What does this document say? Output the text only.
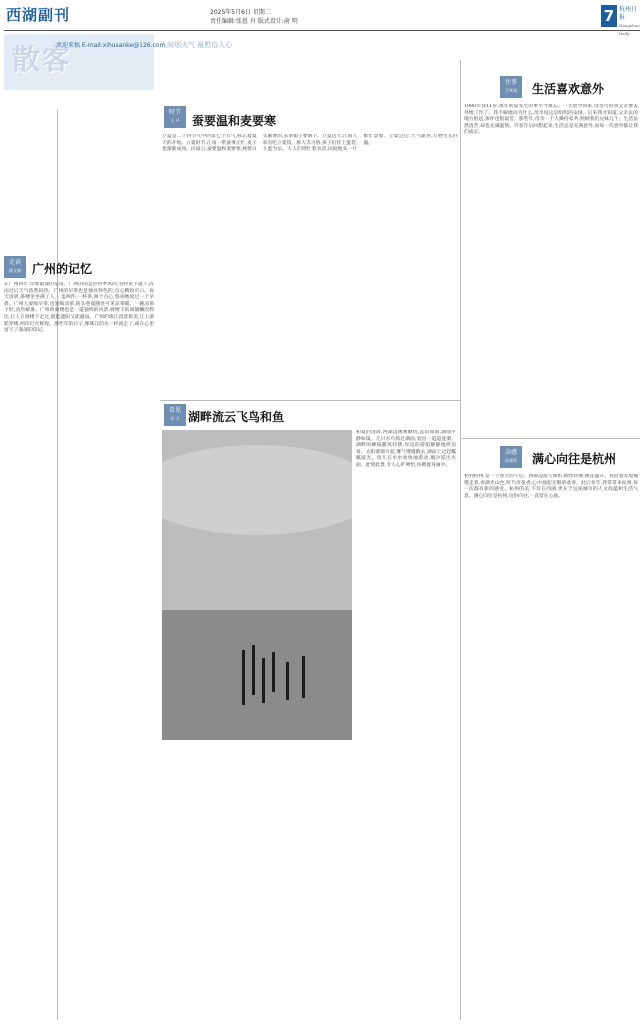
西湖副刊	2025年5月6日 星期二
责任编辑:张恩 舟 版式设计:俞 明	7 杭州日报
Hangzhou Daily
散客
欢迎来稿 E-mail:xihusanke@126.com
人间烟火气 最慰俗人心
走读
顾文娟 广州的记忆
在广州四年,印象最深的是雨。广州的雨是热带季风的,有时说下就下,阵雨过后天气依然闷热。广州的早茶也是独具特色的,点心精致可口。每天清晨,茶楼里坐满了人,一盅两件,一杯茶,两个点心,悠闲地度过一个早晨。广州人爱喝早茶,也爱喝凉茶,街头巷尾随处可见凉茶铺。一碗凉茶下肚,清热解暑。广州的骑楼也是一道独特的风景,骑楼下的商铺鳞次栉比,行人在骑楼下走过,既能遮阳又能避雨。广州的珠江夜景很美,江上游船穿梭,两岸灯火辉煌。那些年的日子,像珠江的水一样流走了,却在心里留下了深深的印记。
时节
王 平	蚕要温和麦要寒
立夏是二十四节气中的第七个节气,标志着夏天的开始。立夏时节,江南一带蚕事正忙,麦子也渐渐成熟。民谚云:蚕要温和麦要寒,秧要日头麻要雨,采茶娘子要晴干。立夏这天,江南人家有吃立夏饭、称人等习俗,孩子们挂上蛋袋,斗蛋为乐。大人们则忙着农活,田间地头一片繁忙景象。立夏过后,天气渐热,万物生长旺盛。
看见
孙 力 湖畔流云飞鸟和鱼
初夏的清晨,西湖边薄雾缭绕,远山如黛,湖面平静如镜。几只水鸟掠过湖面,划出一道道涟漪。湖畔的柳枝随风轻摆,岸边的游船静静地停泊着。太阳渐渐升起,雾气慢慢散去,湖面上泛起粼粼波光。鱼儿在水中欢快地游动,偶尔跃出水面。此情此景,令人心旷神怡,仿佛置身画中。
往事
王笑英	生活喜欢意外
1980年我11岁,那年初夏发生的事至今难忘。一天放学回家,母亲告诉我父亲要去外地工作了。我不解地问为什么,母亲说这是组织的安排。后来我才知道,父亲去的地方很远,条件也很艰苦。那些年,母亲一个人操持家务,照顾我们兄妹几个。生活虽然清苦,却也充满温情。许多年后回想起来,生活总是充满意外,而每一次意外都让我们成长。
杂感
孙建军	满心向往是杭州
初到杭州,是一个春天的午后。西湖边游人如织,柳丝轻拂,桃花盛开。我沿着苏堤慢慢走着,看湖光山色,听鸟语花香,心中涌起无限的欢喜。此后多年,我常常来杭州,每一次都有新的感受。杭州的美,不仅在西湖,更在于这座城市的人文底蕴和生活气息。满心向往是杭州,这份向往,一直留在心底。
